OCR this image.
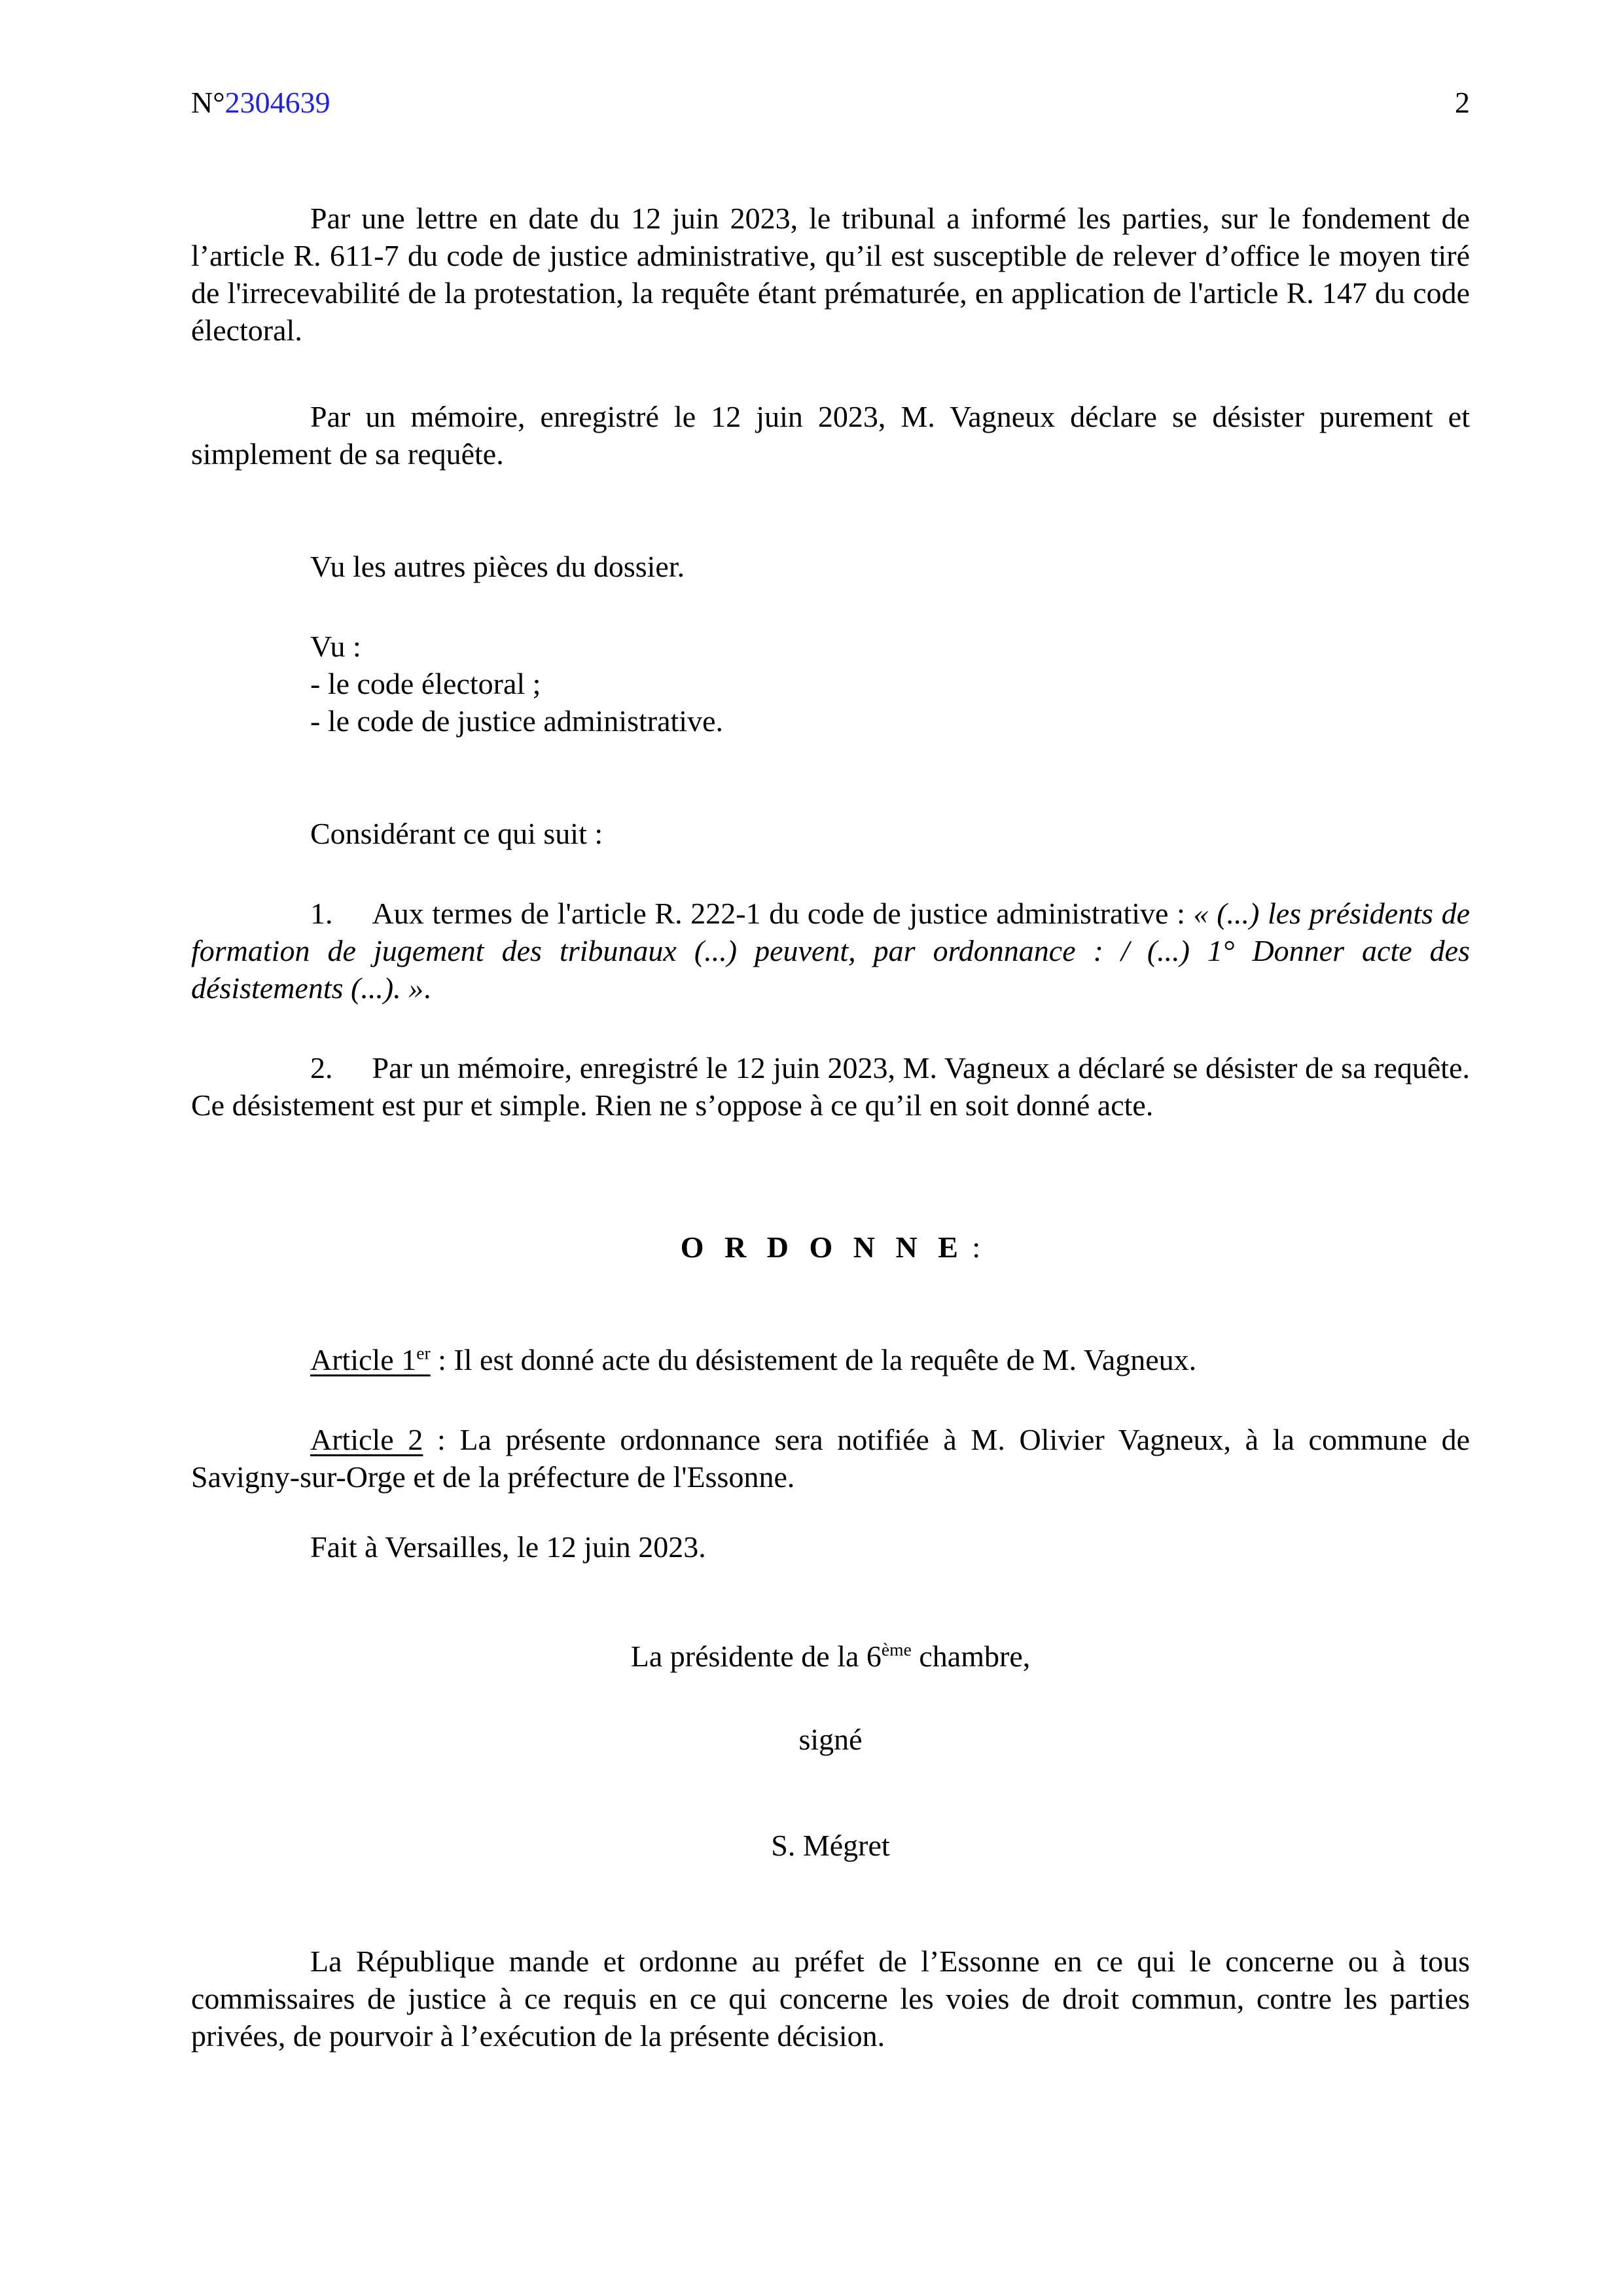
N°2304639	2

Par une lettre en date du 12 juin 2023, le tribunal a informé les parties, sur le fondement de l’article R. 611-7 du code de justice administrative, qu’il est susceptible de relever d’office le moyen tiré de l'irrecevabilité de la protestation, la requête étant prématurée, en application de l'article R. 147 du code électoral.

Par un mémoire, enregistré le 12 juin 2023, M. Vagneux déclare se désister purement et simplement de sa requête.

Vu les autres pièces du dossier.

Vu :

- le code électoral ;

- le code de justice administrative.

Considérant ce qui suit :

1. Aux termes de l'article R. 222-1 du code de justice administrative : « (...) les présidents de formation de jugement des tribunaux (...) peuvent, par ordonnance : / (...) 1° Donner acte des désistements (...). ».

2. Par un mémoire, enregistré le 12 juin 2023, M. Vagneux a déclaré se désister de sa requête. Ce désistement est pur et simple. Rien ne s’oppose à ce qu’il en soit donné acte.

O R D O N N E :

Article 1er : Il est donné acte du désistement de la requête de M. Vagneux.

Article 2 : La présente ordonnance sera notifiée à M. Olivier Vagneux, à la commune de Savigny-sur-Orge et de la préfecture de l'Essonne.

Fait à Versailles, le 12 juin 2023.

La présidente de la 6ème chambre,

signé

S. Mégret

La République mande et ordonne au préfet de l’Essonne en ce qui le concerne ou à tous commissaires de justice à ce requis en ce qui concerne les voies de droit commun, contre les parties privées, de pourvoir à l’exécution de la présente décision.
